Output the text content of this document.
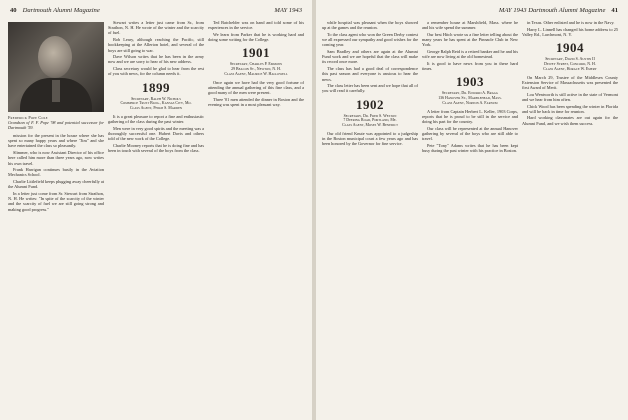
40 Dartmouth Alumni Magazine	MAY 1943
Frederick Pope Cole
Grandson of F. F. Pope '98 and potential successor for Dartmouth '59.

mission for the present in the house where she has spent so many happy years and where "Jim" and she have entertained the class so pleasantly.

Slimmer, who is now Assistant Director of his office here called him more than three years ago, now writes his own travel.

Frank Harrigan continues busily in the Aviation Mechanics School.

Charlie Littlefield keeps plugging away cheerfully at the Alumni Fund.

In a letter just come from Sr. Stewart from Strathon, N. H. He writes: "In spite of the scarcity of the winter and the scarcity of fuel we are still going strong and making good progress."

Stewart writes a letter just came from Sr., from Strathon, N. H. He wrote of the winter and the scarcity of fuel.

Bob Leary, although reaching the Pacific, still bookkeeping at the Allerton hotel, and several of the boys are still going to war.

Dave Wilson writes that he has been in the army now and we are sorry to hear of his new address.

Class secretary would be glad to hear from the rest of you with news, for the column needs it.

1899
Secretary, Ralph W. Nichols
Commerce Trust Bldg., Kansas City, Mo.
Class Agent, Philip S. Marden

It is a great pleasure to report a fine and enthusiastic gathering of the class during the past winter.

Men were in very good spirits and the meeting was a thoroughly successful one. Hubert Davis and others told of the new work of the College.

Charlie Mooney reports that he is doing fine and has been in touch with several of the boys from the class.

Ted Batchelder was on hand and told some of his experiences in the service.

We learn from Parker that he is working hard and doing some writing for the College.

1901
Secretary, Charles P. Emmons
29 Beacon St., Newton, N. H.
Class Agent, Maurice W. Hallowell

Once again we have had the very good fortune of attending the annual gathering of this fine class, and a good many of the men were present.

Three '01 men attended the dinner in Boston and the evening was spent in a most pleasant way.

MAY 1943 Dartmouth Alumni Magazine 41

while hospital was pleasant when the boys showed up at the games and the reunion.

To the class agent who won the Green Derby contest we all expressed our sympathy and good wishes for the coming year.

Sam Bradley and others are again at the Alumni Fund work and we are hopeful that the class will make its record once more.

The class has had a good deal of correspondence this past season and everyone is anxious to hear the news.

The class letter has been sent and we hope that all of you will read it carefully.

1902
Secretary, Dr. Fred S. Weston
7 Deering Road, Portland, Me.
Class Agent, Moses W. Benedict

Our old friend Knute was appointed to a judgeship in the Boston municipal court a few years ago and has been honored by the Governor for fine service.

a remember house at Marshfield, Mass. where he and his wife spend the summer.

Our best Hitch wrote us a fine letter telling about the many years he has spent at the Pinnacle Club in New York.

George Ralph Reid is a retired banker and he and his wife are now living at the old homestead.

It is good to have news from you in these hard times.

1903
Secretary, Dr. Edward A. Bragg
136 Hanover St., Marblehead, Mass.
Class Agent, Norton A. Farnum

A letter from Captain Herbert L. Keller, 1903 Corps, reports that he is proud to be still in the service and doing his part for the country.

Our class will be represented at the annual Hanover gathering by several of the boys who are still able to travel.

Pete "Tony" Adams writes that he has been kept busy during the past winter with his practice in Boston.

in Texas. Other enlisted and he is now in the Navy.

Harry L. Linnell has changed his home address to 25 Valley Rd., Larchmont, N. Y.

1904
Secretary, David S. Austin II
Dewey Street, Concord, N. H.
Class Agent, Horace W. Emery

On March 29, Trustee of the Middlesex County Extension Service of Massachusetts was presented the first Award of Merit.

Lou Wentworth is still active in the state of Vermont and we hear from him often.

Chick Wood has been spending the winter in Florida and will be back in time for reunion.

Hard working classmates are out again for the Alumni Fund, and we wish them success.
